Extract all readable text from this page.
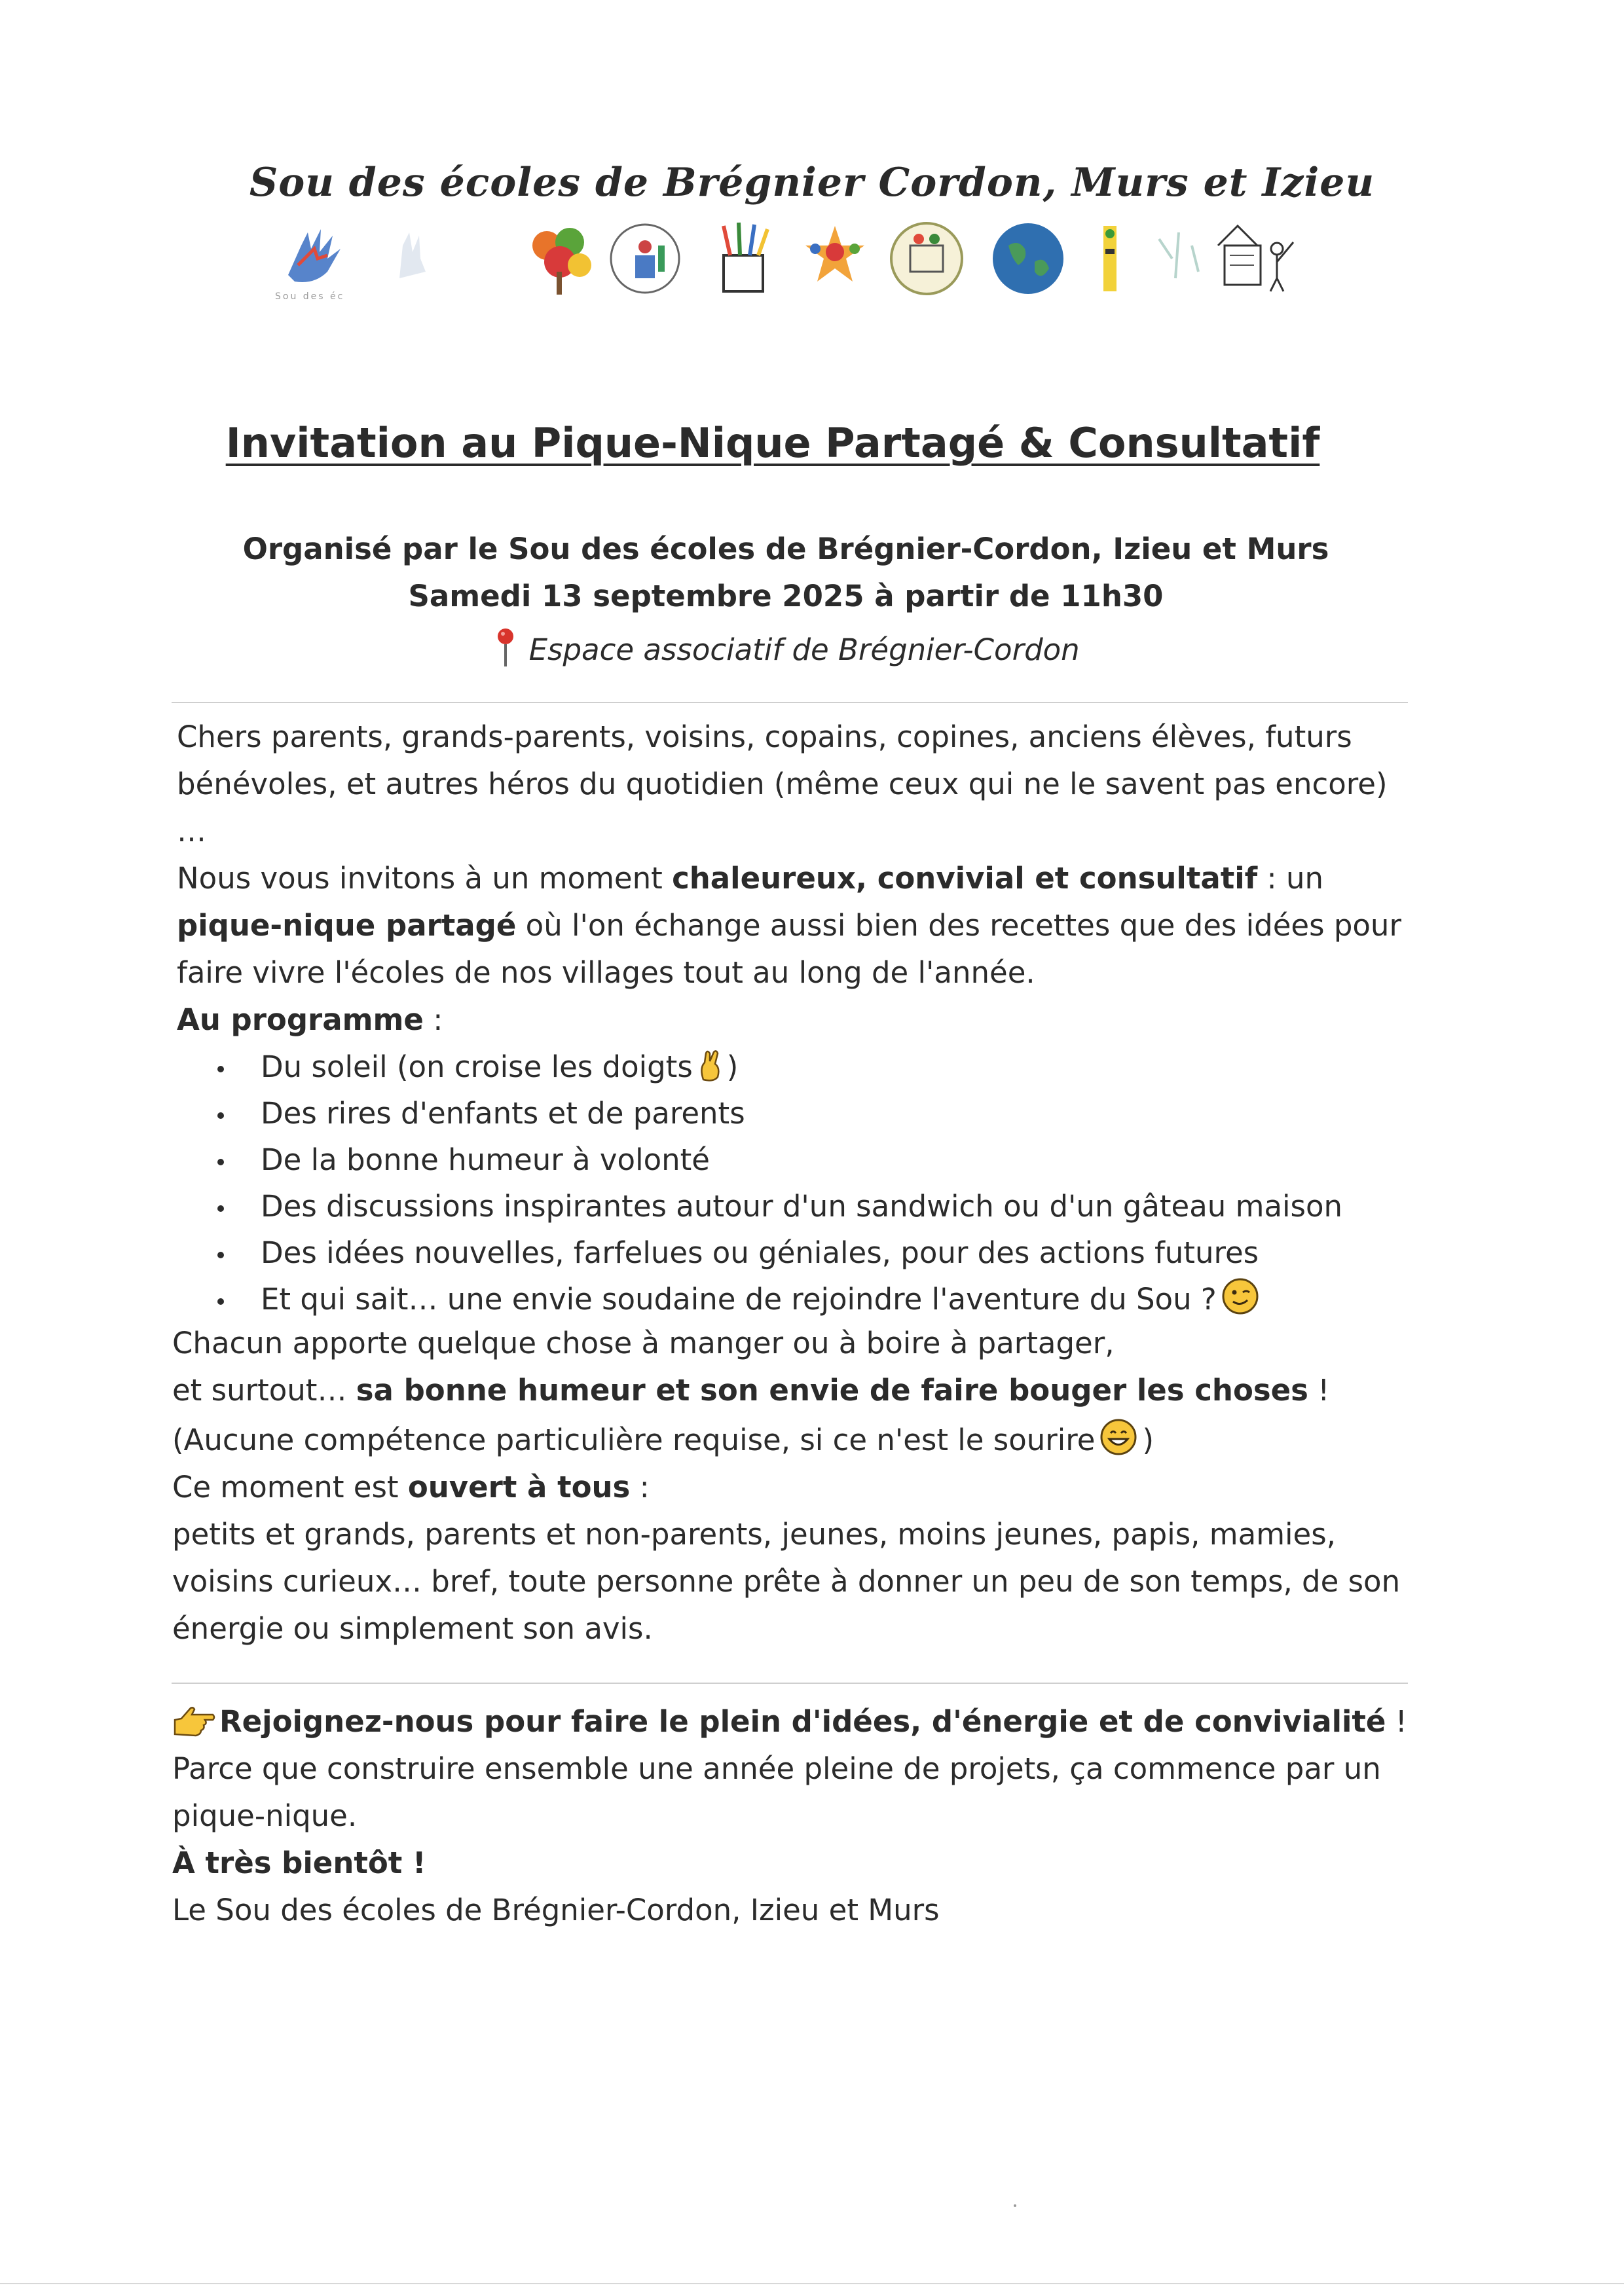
Sou des écoles de Brégnier Cordon, Murs et Izieu
Sou des éc
Invitation au Pique-Nique Partagé & Consultatif
Organisé par le Sou des écoles de Brégnier-Cordon, Izieu et Murs
Samedi 13 septembre 2025 à partir de 11h30
Espace associatif de Brégnier-Cordon

Chers parents, grands-parents, voisins, copains, copines, anciens élèves, futurs bénévoles, et autres héros du quotidien (même ceux qui ne le savent pas encore) …

Nous vous invitons à un moment chaleureux, convivial et consultatif : un pique-nique partagé où l'on échange aussi bien des recettes que des idées pour faire vivre l'écoles de nos villages tout au long de l'année.

Au programme :

Du soleil (on croise les doigts )
Des rires d'enfants et de parents
De la bonne humeur à volonté
Des discussions inspirantes autour d'un sandwich ou d'un gâteau maison
Des idées nouvelles, farfelues ou géniales, pour des actions futures
Et qui sait… une envie soudaine de rejoindre l'aventure du Sou ?

Chacun apporte quelque chose à manger ou à boire à partager,

et surtout… sa bonne humeur et son envie de faire bouger les choses !

(Aucune compétence particulière requise, si ce n'est le sourire )

Ce moment est ouvert à tous :

petits et grands, parents et non-parents, jeunes, moins jeunes, papis, mamies, voisins curieux… bref, toute personne prête à donner un peu de son temps, de son énergie ou simplement son avis.

Rejoignez-nous pour faire le plein d'idées, d'énergie et de convivialité !

Parce que construire ensemble une année pleine de projets, ça commence par un pique-nique.

À très bientôt !

Le Sou des écoles de Brégnier-Cordon, Izieu et Murs
